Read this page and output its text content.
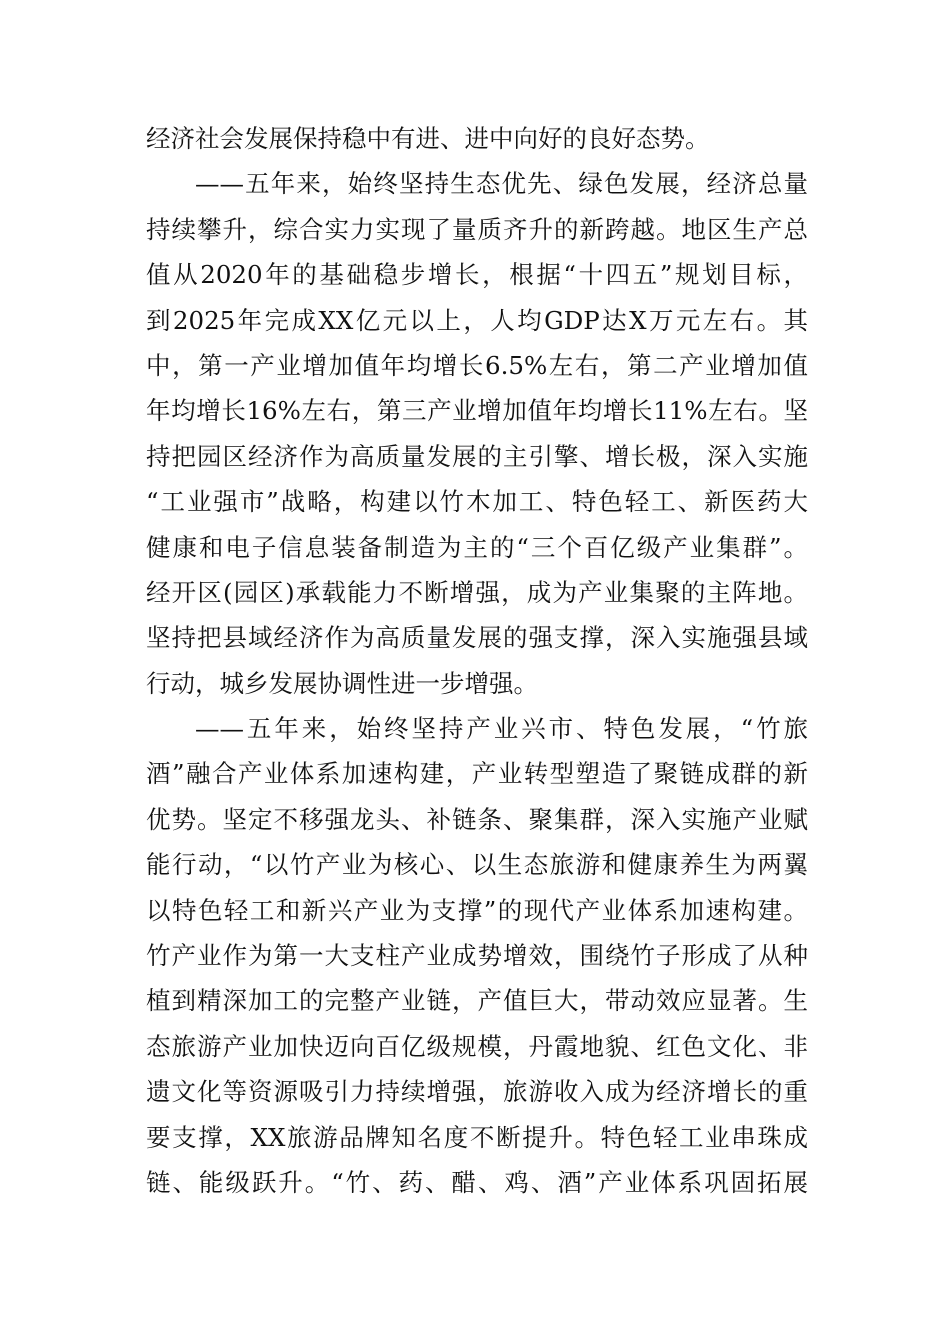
经济社会发展保持稳中有进、进中向好的良好态势。
——五年来，始终坚持生态优先、绿色发展，经济总量
持续攀升，综合实力实现了量质齐升的新跨越。地区生产总
值从2020年的基础稳步增长，根据“十四五”规划目标，
到2025年完成XX亿元以上，人均GDP达X万元左右。其
中，第一产业增加值年均增长6.5%左右，第二产业增加值
年均增长16%左右，第三产业增加值年均增长11%左右。坚
持把园区经济作为高质量发展的主引擎、增长极，深入实施
“工业强市”战略，构建以竹木加工、特色轻工、新医药大
健康和电子信息装备制造为主的“三个百亿级产业集群”。
经开区(园区)承载能力不断增强，成为产业集聚的主阵地。
坚持把县域经济作为高质量发展的强支撑，深入实施强县域
行动，城乡发展协调性进一步增强。
——五年来，始终坚持产业兴市、特色发展，“竹旅
酒”融合产业体系加速构建，产业转型塑造了聚链成群的新
优势。坚定不移强龙头、补链条、聚集群，深入实施产业赋
能行动，“以竹产业为核心、以生态旅游和健康养生为两翼
以特色轻工和新兴产业为支撑”的现代产业体系加速构建。
竹产业作为第一大支柱产业成势增效，围绕竹子形成了从种
植到精深加工的完整产业链，产值巨大，带动效应显著。生
态旅游产业加快迈向百亿级规模，丹霞地貌、红色文化、非
遗文化等资源吸引力持续增强，旅游收入成为经济增长的重
要支撑，XX旅游品牌知名度不断提升。特色轻工业串珠成
链、能级跃升。“竹、药、醋、鸡、酒”产业体系巩固拓展
